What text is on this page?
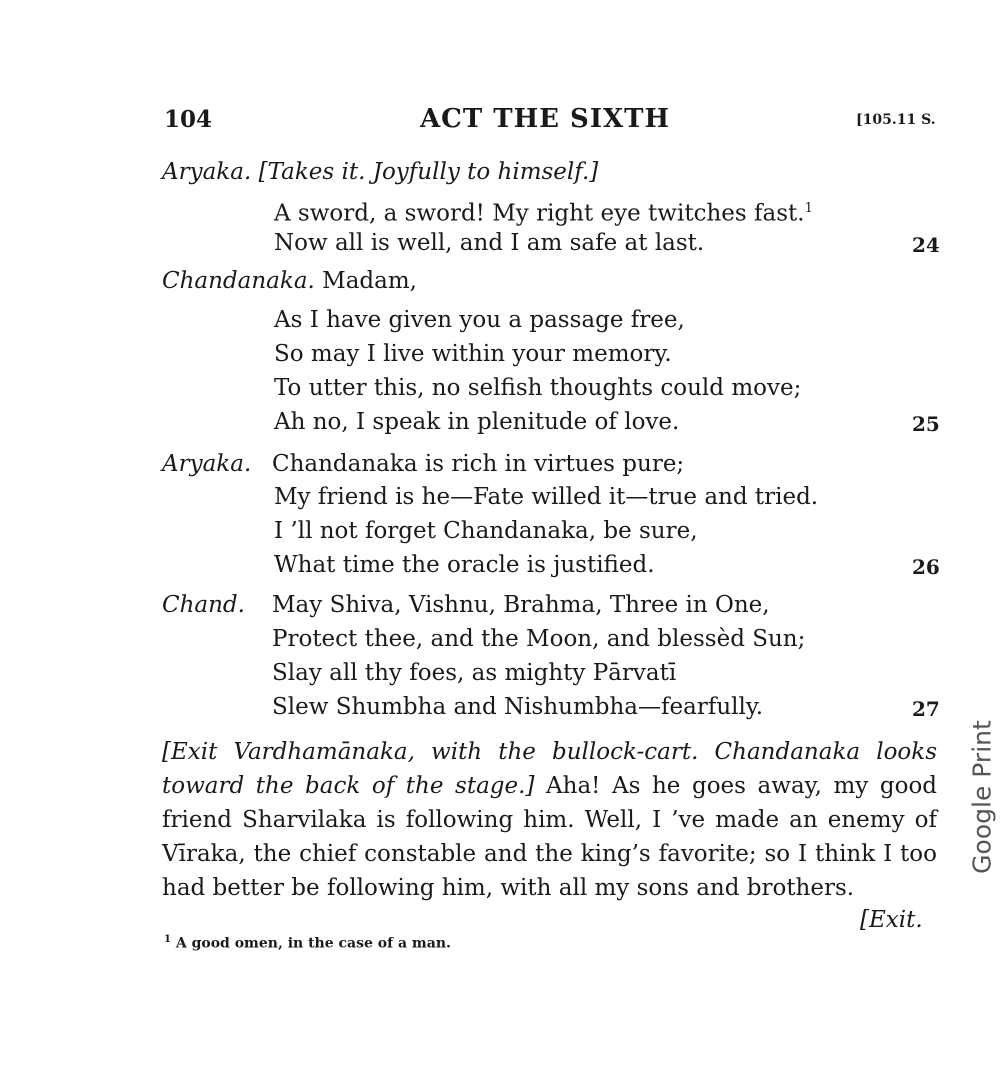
104	ACT THE SIXTH	[105.11 S.
Aryaka. [Takes it. Joyfully to himself.]
A sword, a sword! My right eye twitches fast.$^1$
Now all is well, and I am safe at last.	24
Chandanaka. Madam,
As I have given you a passage free,
So may I live within your memory.
To utter this, no selfish thoughts could move;
Ah no, I speak in plenitude of love.	25
Aryaka. Chandanaka is rich in virtues pure;
My friend is he—Fate willed it—true and tried.
I ’ll not forget Chandanaka, be sure,
What time the oracle is justified.	26
Chand. May Shiva, Vishnu, Brahma, Three in One,
Protect thee, and the Moon, and blessèd Sun;
Slay all thy foes, as mighty Pārvatī
Slew Shumbha and Nishumbha—fearfully.	27
[Exit Vardhamānaka, with the bullock-cart. Chandanaka looks toward the back of the stage.] Aha! As he goes away, my good friend Sharvilaka is following him. Well, I ’ve made an enemy of Vīraka, the chief constable and the king’s favorite; so I think I too had better be following him, with all my sons and brothers.
[Exit.
$^1$ A good omen, in the case of a man.
Google Print
